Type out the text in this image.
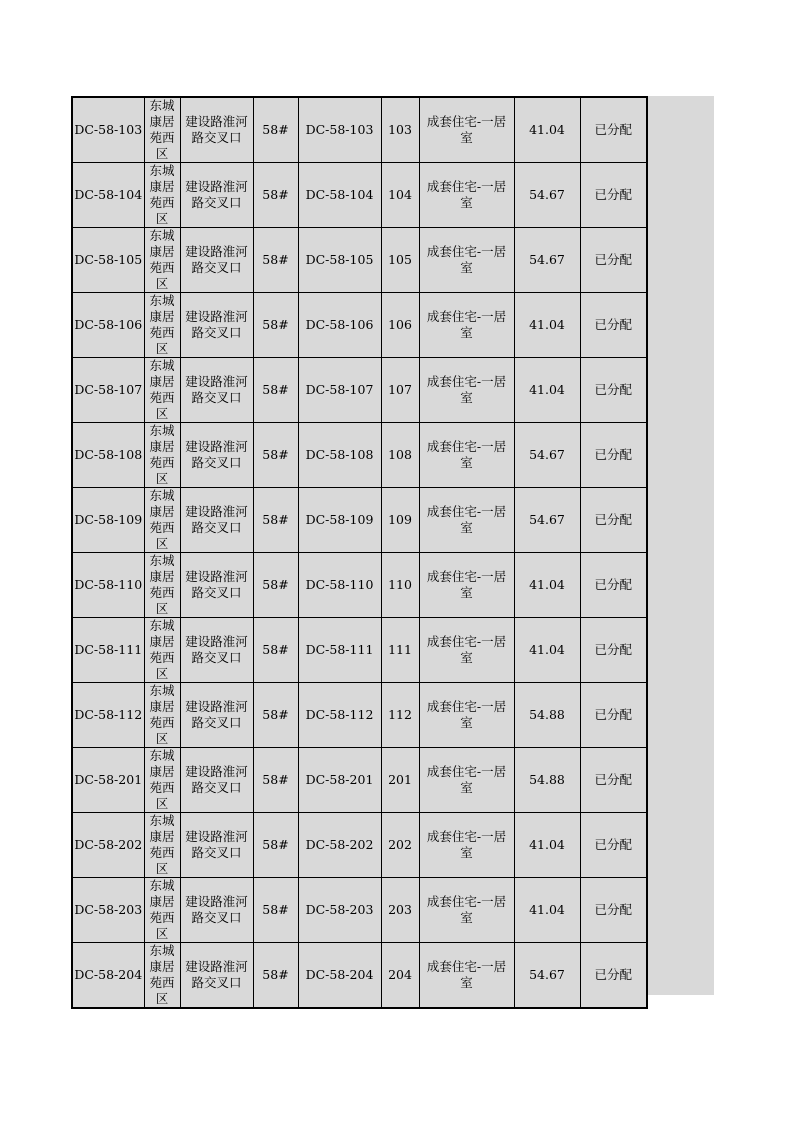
DC-58-103	东城康居苑西区	建设路淮河路交叉口	58#	DC-58-103	103	成套住宅-一居室	41.04	已分配
DC-58-104	东城康居苑西区	建设路淮河路交叉口	58#	DC-58-104	104	成套住宅-一居室	54.67	已分配
DC-58-105	东城康居苑西区	建设路淮河路交叉口	58#	DC-58-105	105	成套住宅-一居室	54.67	已分配
DC-58-106	东城康居苑西区	建设路淮河路交叉口	58#	DC-58-106	106	成套住宅-一居室	41.04	已分配
DC-58-107	东城康居苑西区	建设路淮河路交叉口	58#	DC-58-107	107	成套住宅-一居室	41.04	已分配
DC-58-108	东城康居苑西区	建设路淮河路交叉口	58#	DC-58-108	108	成套住宅-一居室	54.67	已分配
DC-58-109	东城康居苑西区	建设路淮河路交叉口	58#	DC-58-109	109	成套住宅-一居室	54.67	已分配
DC-58-110	东城康居苑西区	建设路淮河路交叉口	58#	DC-58-110	110	成套住宅-一居室	41.04	已分配
DC-58-111	东城康居苑西区	建设路淮河路交叉口	58#	DC-58-111	111	成套住宅-一居室	41.04	已分配
DC-58-112	东城康居苑西区	建设路淮河路交叉口	58#	DC-58-112	112	成套住宅-一居室	54.88	已分配
DC-58-201	东城康居苑西区	建设路淮河路交叉口	58#	DC-58-201	201	成套住宅-一居室	54.88	已分配
DC-58-202	东城康居苑西区	建设路淮河路交叉口	58#	DC-58-202	202	成套住宅-一居室	41.04	已分配
DC-58-203	东城康居苑西区	建设路淮河路交叉口	58#	DC-58-203	203	成套住宅-一居室	41.04	已分配
DC-58-204	东城康居苑西区	建设路淮河路交叉口	58#	DC-58-204	204	成套住宅-一居室	54.67	已分配
